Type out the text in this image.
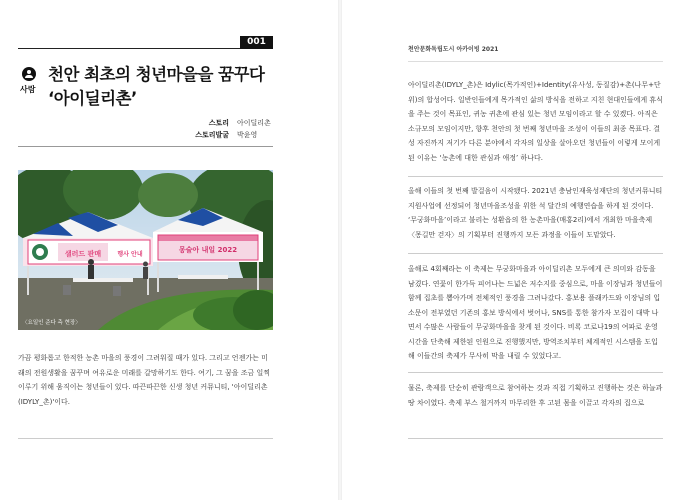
001
사람
천안 최초의 청년마을을 꿈꾸다
‘아이딜리촌’
스토리 아이딜리촌
스토리발굴 박윤영
샐러드 판매	행사 안내
몽술아 내일 2022
〈요일인 준다 측 현장〉
가끔 평화롭고 한적한 농촌 마을의 풍경이 그려워질 때가 있다. 그리고 언젠가는 미래의 전원생활을 꿈꾸며 여유로운 미래를 갈망하기도 한다. 여기, 그 꿈을 조금 일찍 이루기 위해 움직이는 청년들이 있다. 따끈따끈한 신생 청년 커뮤니티, '아이딜리촌(IDYLY_촌)'이다.
천안문화독립도시 아카이빙 2021
아이딜리촌(IDYLY_촌)은 Idylic(목가적인)+Identity(유사성, 동질감)+촌(나무+단위)의 합성어다. 일반인들에게 목가적인 삶의 방식을 전하고 지친 현대인들에게 휴식을 주는 것이 목표인, 귀농 귀촌에 관심 있는 청년 모임이라고 할 수 있겠다. 아직은 소규모의 모임이지만, 향후 천안의 첫 번째 청년마을 조성이 이들의 최종 목표다. 결성 자진까지 저기가 다른 분야에서 각자의 일상을 살아오던 청년들이 이렇게 모이게 된 이유는 ‘농촌에 대한 관심과 애정’ 하나다.
올해 이들의 첫 번째 발걸음이 시작됐다. 2021년 충남인재육성재단의 청년커뮤니티지원사업에 선정되어 청년마을조성을 위한 석 달간의 예행연습을 하게 된 것이다. ‘무궁화마을’이라고 불리는 성환읍의 한 농촌마을(매홍2리)에서 개최한 마을축제 〈몽길만 걷자〉의 기획부터 진행까지 모든 과정을 이들이 도맡았다.
올해로 4회째라는 이 축제는 무궁화마을과 아이딜리촌 모두에게 큰 의미와 감동을 남겼다. 연꽃이 한가득 피어나는 드넓은 저수지를 중심으로, 마을 이장님과 청년들이 함께 집초를 뽑아가며 전체적인 풍경을 그려나갔다. 홍보용 플래카드와 이장님의 입소문이 전부였던 기존의 홍보 방식에서 벗어나, SNS를 통한 참가자 모집이 대박 나면서 수많은 사람들이 무궁화마을을 찾게 된 것이다. 비록 코로나19의 여파로 운영시간을 단축해 제한된 인원으로 진행했지만, 방역조치부터 체계적인 시스템을 도입해 이들간의 축제가 무사히 막을 내릴 수 있었다고.
물론, 축제를 단순히 관람객으로 참여하는 것과 직접 기획하고 진행하는 것은 하늘과 땅 차이였다. 축제 부스 철거까지 마무리한 후 고된 몸을 이끌고 각자의 집으로
